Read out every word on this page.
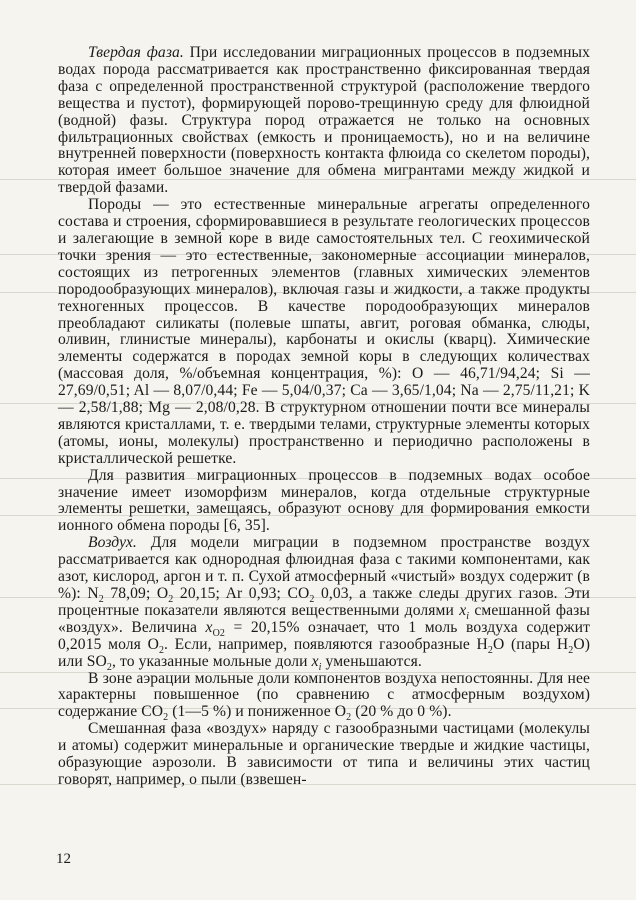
Твердая фаза. При исследовании миграционных процессов в подземных водах порода рассматривается как пространственно фиксированная твердая фаза с определенной пространственной структурой (расположение твердого вещества и пустот), формирующей порово-трещинную среду для флюидной (водной) фазы. Структура пород отражается не только на основных фильтрационных свойствах (емкость и проницаемость), но и на величине внутренней поверхности (поверхность контакта флюида со скелетом породы), которая имеет большое значение для обмена мигрантами между жидкой и твердой фазами.

Породы — это естественные минеральные агрегаты определенного состава и строения, сформировавшиеся в результате геологических процессов и залегающие в земной коре в виде самостоятельных тел. С геохимической точки зрения — это естественные, закономерные ассоциации минералов, состоящих из петрогенных элементов (главных химических элементов породообразующих минералов), включая газы и жидкости, а также продукты техногенных процессов. В качестве породообразующих минералов преобладают силикаты (полевые шпаты, авгит, роговая обманка, слюды, оливин, глинистые минералы), карбонаты и окислы (кварц). Химические элементы содержатся в породах земной коры в следующих количествах (массовая доля, %/объемная концентрация, %): O — 46,71/94,24; Si — 27,69/0,51; Al — 8,07/0,44; Fe — 5,04/0,37; Ca — 3,65/1,04; Na — 2,75/11,21; K — 2,58/1,88; Mg — 2,08/0,28. В структурном отношении почти все минералы являются кристаллами, т. е. твердыми телами, структурные элементы которых (атомы, ионы, молекулы) пространственно и периодично расположены в кристаллической решетке.

Для развития миграционных процессов в подземных водах особое значение имеет изоморфизм минералов, когда отдельные структурные элементы решетки, замещаясь, образуют основу для формирования емкости ионного обмена породы [6, 35].

Воздух. Для модели миграции в подземном пространстве воздух рассматривается как однородная флюидная фаза с такими компонентами, как азот, кислород, аргон и т. п. Сухой атмосферный «чистый» воздух содержит (в %): $N_2$ 78,09; $O_2$ 20,15; Ar 0,93; $CO_2$ 0,03, а также следы других газов. Эти процентные показатели являются вещественными долями $x_i$ смешанной фазы «воздух». Величина $x_{O2} = 20,15\%$ означает, что 1 моль воздуха содержит 0,2015 моля $O_2$. Если, например, появляются газообразные $H_2O$ (пары $H_2O$) или $SO_2$, то указанные мольные доли $x_i$ уменьшаются.

В зоне аэрации мольные доли компонентов воздуха непостоянны. Для нее характерны повышенное (по сравнению с атмосферным воздухом) содержание $CO_2$ (1—5 %) и пониженное $O_2$ (20 % до 0 %).

Смешанная фаза «воздух» наряду с газообразными частицами (молекулы и атомы) содержит минеральные и органические твердые и жидкие частицы, образующие аэрозоли. В зависимости от типа и величины этих частиц говорят, например, о пыли (взвешен-

12
